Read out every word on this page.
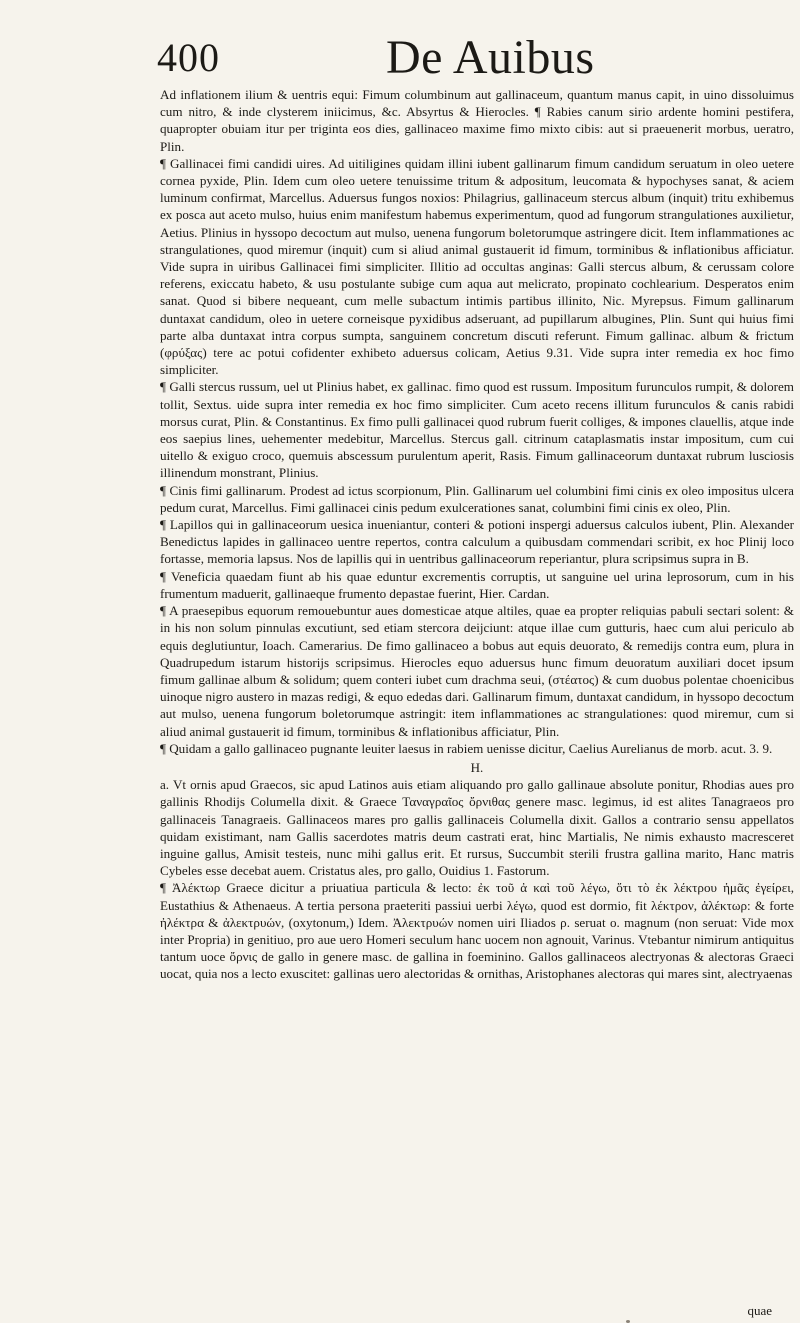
400	De Auibus

Ad inflationem ilium & uentris equi: Fimum columbinum aut gallinaceum, quantum manus capit, in uino dissoluimus cum nitro, & inde clysterem iniicimus, &c. Absyrtus & Hierocles. ¶ Rabies canum sirio ardente homini pestifera, quapropter obuiam itur per triginta eos dies, gallinaceo maxime fimo mixto cibis: aut si praeuenerit morbus, ueratro, Plin.

¶ Gallinacei fimi candidi uires. Ad uitiligines quidam illini iubent gallinarum fimum candidum seruatum in oleo uetere cornea pyxide, Plin. Idem cum oleo uetere tenuissime tritum & adpositum, leucomata & hypochyses sanat, & aciem luminum confirmat, Marcellus. Aduersus fungos noxios: Philagrius, gallinaceum stercus album (inquit) tritu exhibemus ex posca aut aceto mulso, huius enim manifestum habemus experimentum, quod ad fungorum strangulationes auxilietur, Aetius. Plinius in hyssopo decoctum aut mulso, uenena fungorum boletorumque astringere dicit. Item inflammationes ac strangulationes, quod miremur (inquit) cum si aliud animal gustauerit id fimum, torminibus & inflationibus afficiatur. Vide supra in uiribus Gallinacei fimi simpliciter. Illitio ad occultas anginas: Galli stercus album, & cerussam colore referens, exiccatu habeto, & usu postulante subige cum aqua aut melicrato, propinato cochlearium. Desperatos enim sanat. Quod si bibere nequeant, cum melle subactum intimis partibus illinito, Nic. Myrepsus. Fimum gallinarum duntaxat candidum, oleo in uetere corneisque pyxidibus adseruant, ad pupillarum albugines, Plin. Sunt qui huius fimi parte alba duntaxat intra corpus sumpta, sanguinem concretum discuti referunt. Fimum gallinac. album & frictum (φρύξας) tere ac potui cofidenter exhibeto aduersus colicam, Aetius 9.31. Vide supra inter remedia ex hoc fimo simpliciter.

¶ Galli stercus russum, uel ut Plinius habet, ex gallinac. fimo quod est russum. Impositum furunculos rumpit, & dolorem tollit, Sextus. uide supra inter remedia ex hoc fimo simpliciter. Cum aceto recens illitum furunculos & canis rabidi morsus curat, Plin. & Constantinus. Ex fimo pulli gallinacei quod rubrum fuerit colliges, & impones clauellis, atque inde eos saepius lines, uehementer medebitur, Marcellus. Stercus gall. citrinum cataplasmatis instar impositum, cum cui uitello & exiguo croco, quemuis abscessum purulentum aperit, Rasis. Fimum gallinaceorum duntaxat rubrum lusciosis illinendum monstrant, Plinius.

¶ Cinis fimi gallinarum. Prodest ad ictus scorpionum, Plin. Gallinarum uel columbini fimi cinis ex oleo impositus ulcera pedum curat, Marcellus. Fimi gallinacei cinis pedum exulcerationes sanat, columbini fimi cinis ex oleo, Plin.

¶ Lapillos qui in gallinaceorum uesica inueniantur, conteri & potioni inspergi aduersus calculos iubent, Plin. Alexander Benedictus lapides in gallinaceo uentre repertos, contra calculum a quibusdam commendari scribit, ex hoc Plinij loco fortasse, memoria lapsus. Nos de lapillis qui in uentribus gallinaceorum reperiantur, plura scripsimus supra in B.

¶ Veneficia quaedam fiunt ab his quae eduntur excrementis corruptis, ut sanguine uel urina leprosorum, cum in his frumentum maduerit, gallinaeque frumento depastae fuerint, Hier. Cardan.

¶ A praesepibus equorum remouebuntur aues domesticae atque altiles, quae ea propter reliquias pabuli sectari solent: & in his non solum pinnulas excutiunt, sed etiam stercora deijciunt: atque illae cum gutturis, haec cum alui periculo ab equis deglutiuntur, Ioach. Camerarius. De fimo gallinaceo a bobus aut equis deuorato, & remedijs contra eum, plura in Quadrupedum istarum historijs scripsimus. Hierocles equo aduersus hunc fimum deuoratum auxiliari docet ipsum fimum gallinae album & solidum; quem conteri iubet cum drachma seui, (στέατος) & cum duobus polentae choenicibus uinoque nigro austero in mazas redigi, & equo ededas dari. Gallinarum fimum, duntaxat candidum, in hyssopo decoctum aut mulso, uenena fungorum boletorumque astringit: item inflammationes ac strangulationes: quod miremur, cum si aliud animal gustauerit id fimum, torminibus & inflationibus afficiatur, Plin.

¶ Quidam a gallo gallinaceo pugnante leuiter laesus in rabiem uenisse dicitur, Caelius Aurelianus de morb. acut. 3. 9.

H.

a. Vt ornis apud Graecos, sic apud Latinos auis etiam aliquando pro gallo gallinaue absolute ponitur, Rhodias aues pro gallinis Rhodijs Columella dixit. & Graece Ταναγραῖος ὄρνιθας genere masc. legimus, id est alites Tanagraeos pro gallinaceis Tanagraeis. Gallinaceos mares pro gallis gallinaceis Columella dixit. Gallos a contrario sensu appellatos quidam existimant, nam Gallis sacerdotes matris deum castrati erat, hinc Martialis, Ne nimis exhausto macresceret inguine gallus, Amisit testeis, nunc mihi gallus erit. Et rursus, Succumbit sterili frustra gallina marito, Hanc matris Cybeles esse decebat auem. Cristatus ales, pro gallo, Ouidius 1. Fastorum.

¶ Ἀλέκτωρ Graece dicitur a priuatiua particula & lecto: ἐκ τοῦ ἀ καὶ τοῦ λέγω, ὅτι τὸ ἐκ λέκτρου ἡμᾶς ἐγείρει, Eustathius & Athenaeus. A tertia persona praeteriti passiui uerbi λέγω, quod est dormio, fit λέκτρον, ἀλέκτωρ: & forte ἠλέκτρα & ἀλεκτρυών, (oxytonum,) Idem. Ἀλεκτρυών nomen uiri Iliados ρ. seruat o. magnum (non seruat: Vide mox inter Propria) in genitiuo, pro aue uero Homeri seculum hanc uocem non agnouit, Varinus. Vtebantur nimirum antiquitus tantum uoce ὄρνις de gallo in genere masc. de gallina in foeminino. Gallos gallinaceos alectryonas & alectoras Graeci uocat, quia nos a lecto exuscitet: gallinas uero alectoridas & ornithas, Aristophanes alectoras qui mares sint, alectryaenas

quae
